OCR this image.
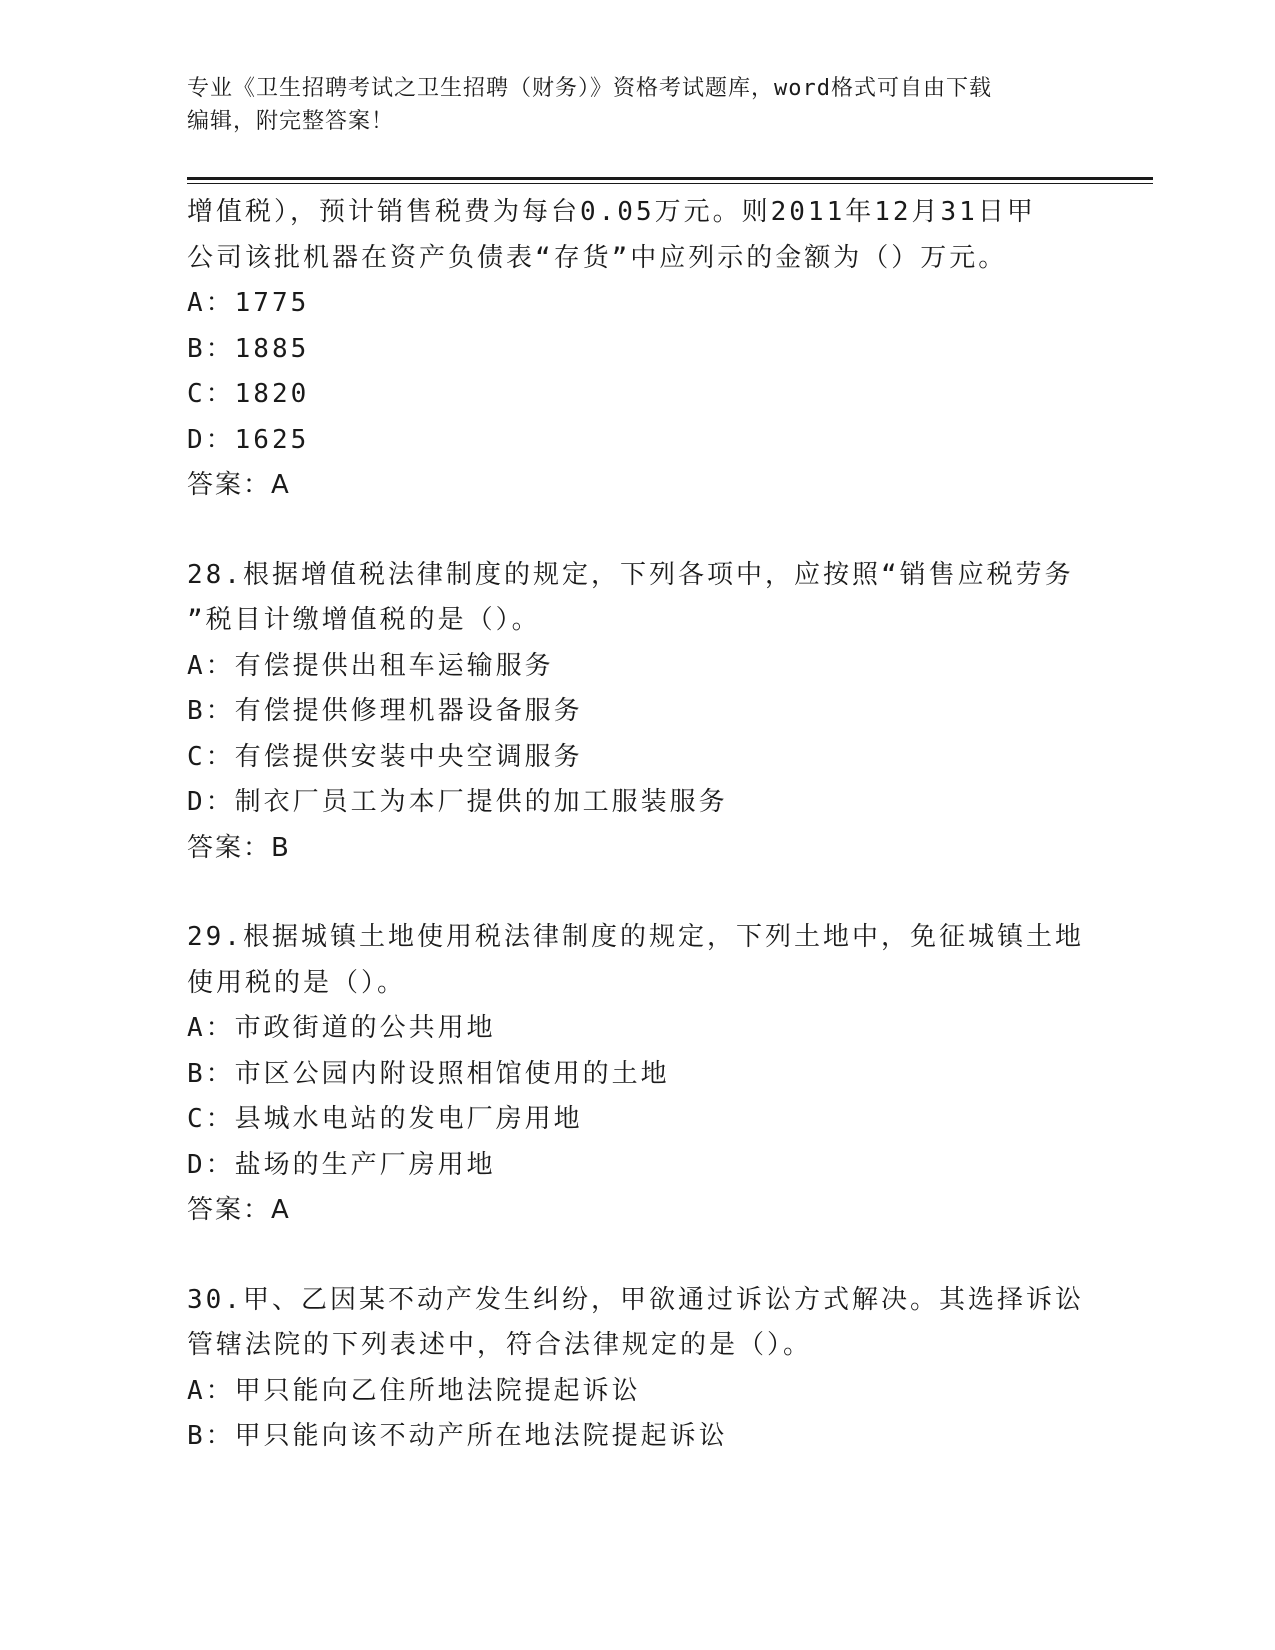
专业《卫生招聘考试之卫生招聘（财务）》资格考试题库，word格式可自由下载
编辑，附完整答案！
增值税），预计销售税费为每台0.05万元。则2011年12月31日甲
公司该批机器在资产负债表“存货”中应列示的金额为（）万元。
A：1775
B：1885
C：1820
D：1625
答案：A
28.根据增值税法律制度的规定，下列各项中，应按照“销售应税劳务
”税目计缴增值税的是（）。
A：有偿提供出租车运输服务
B：有偿提供修理机器设备服务
C：有偿提供安装中央空调服务
D：制衣厂员工为本厂提供的加工服装服务
答案：B
29.根据城镇土地使用税法律制度的规定，下列土地中，免征城镇土地
使用税的是（）。
A：市政街道的公共用地
B：市区公园内附设照相馆使用的土地
C：县城水电站的发电厂房用地
D：盐场的生产厂房用地
答案：A
30.甲、乙因某不动产发生纠纷，甲欲通过诉讼方式解决。其选择诉讼
管辖法院的下列表述中，符合法律规定的是（）。
A：甲只能向乙住所地法院提起诉讼
B：甲只能向该不动产所在地法院提起诉讼
